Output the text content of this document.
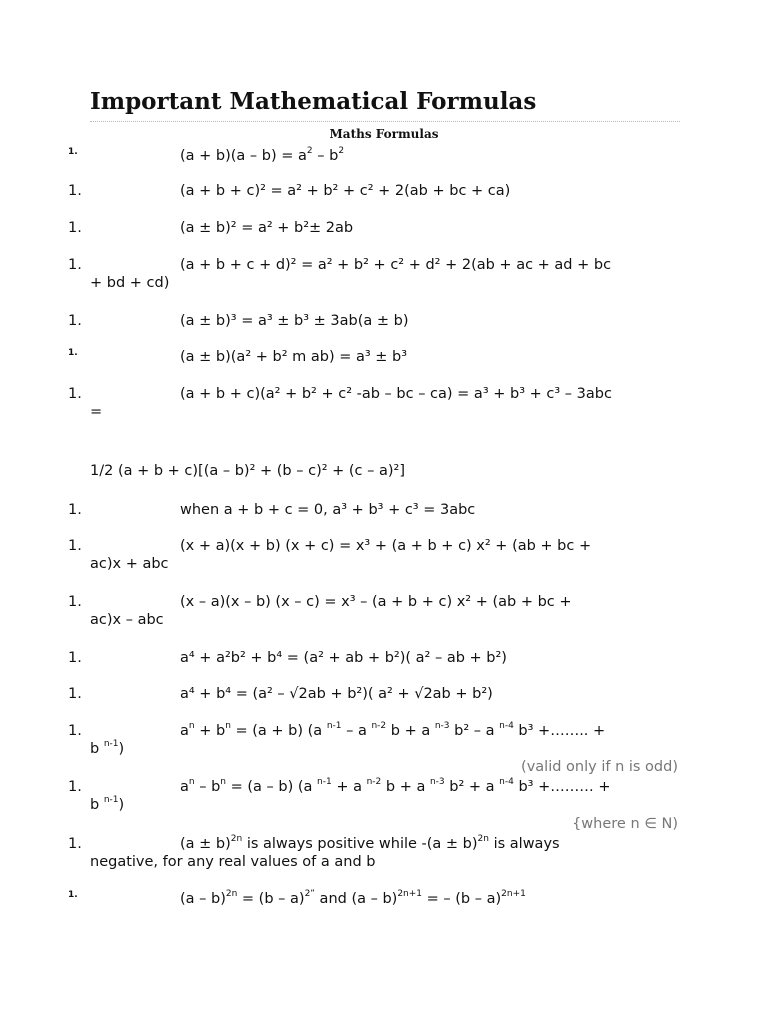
Important Mathematical Formulas
Maths Formulas
1.	$(a + b)(a - b) = a^2 - b^2$
1.	(a + b + c)² = a² + b² + c² + 2(ab + bc + ca)
1.	(a ± b)² = a² + b²± 2ab
1.	(a + b + c + d)² = a² + b² + c² + d² + 2(ab + ac + ad + bc
+ bd + cd)
1.	(a ± b)³ = a³ ± b³ ± 3ab(a ± b)
1.	(a ± b)(a² + b² m ab) = a³ ± b³
1.	(a + b + c)(a² + b² + c² -ab – bc – ca) = a³ + b³ + c³ – 3abc
=
1/2 (a + b + c)[(a – b)² + (b – c)² + (c – a)²]
1.	when a + b + c = 0, a³ + b³ + c³ = 3abc
1.	(x + a)(x + b) (x + c) = x³ + (a + b + c) x² + (ab + bc +
ac)x + abc
1.	(x – a)(x – b) (x – c) = x³ – (a + b + c) x² + (ab + bc +
ac)x – abc
1.	a⁴ + a²b² + b⁴ = (a² + ab + b²)( a² – ab + b²)
1.	a⁴ + b⁴ = (a² – √2ab + b²)( a² + √2ab + b²)
1.	$a^n + b^n = (a + b)$ (a $^{n-1}$ – a $^{n-2}$ b + a $^{n-3}$ b² – a $^{n-4}$ b³ +…….. +
b $^{n-1}$)
(valid only if n is odd)
1.	$a^n - b^n = (a - b)$ (a $^{n-1}$ + a $^{n-2}$ b + a $^{n-3}$ b² + a $^{n-4}$ b³ +……… +
b $^{n-1}$)
{where n ∈ N)
1.	$(a \pm b)^{2n}$ is always positive while $-(a \pm b)^{2n}$ is always
negative, for any real values of a and b
1.	(a – b)$^{2n}$ = (b – a)$^{2”}$ and (a – b)$^{2n+1}$ = – (b – a)$^{2n+1}$
